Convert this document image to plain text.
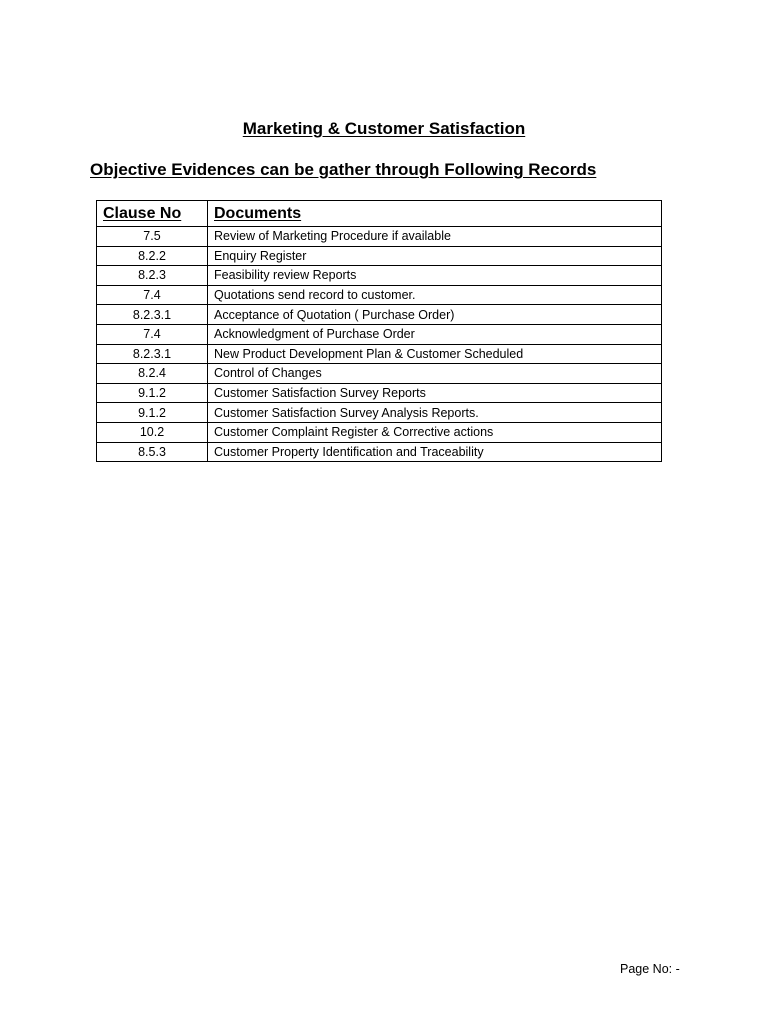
Marketing & Customer Satisfaction
Objective Evidences can be gather through Following Records
Clause No	Documents
7.5	Review of Marketing Procedure if available
8.2.2	Enquiry Register
8.2.3	Feasibility review Reports
7.4	Quotations send record to customer.
8.2.3.1	Acceptance of Quotation ( Purchase Order)
7.4	Acknowledgment of Purchase Order
8.2.3.1	New Product Development Plan & Customer Scheduled
8.2.4	Control of Changes
9.1.2	Customer Satisfaction Survey Reports
9.1.2	Customer Satisfaction Survey Analysis Reports.
10.2	Customer Complaint Register & Corrective actions
8.5.3	Customer Property Identification and Traceability
Page No: -
